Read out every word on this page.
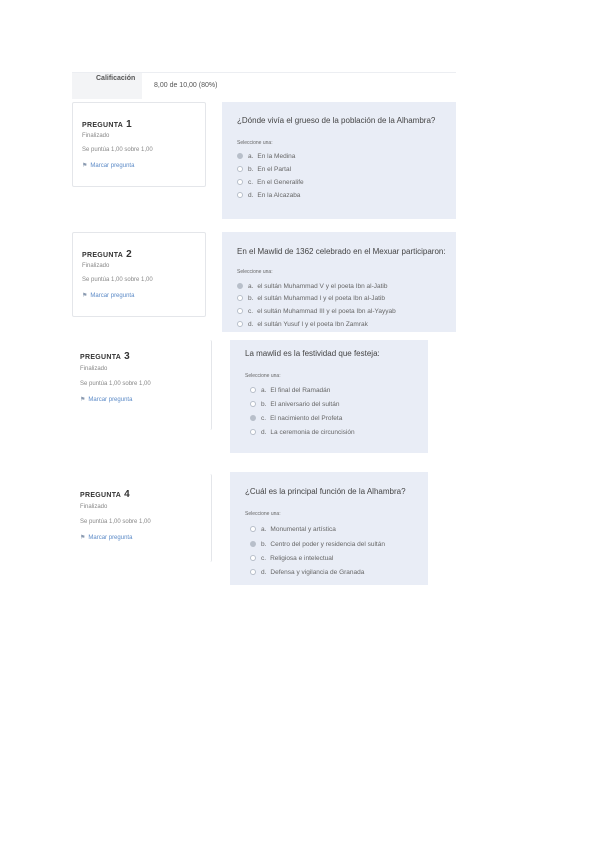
Calificación
8,00 de 10,00 (80%)
PREGUNTA 1
Finalizado
Se puntúa 1,00 sobre 1,00
⚑ Marcar pregunta
¿Dónde vivía el grueso de la población de la Alhambra?
Seleccione una:
a. En la Medina
b. En el Partal
c. En el Generalife
d. En la Alcazaba
PREGUNTA 2
Finalizado
Se puntúa 1,00 sobre 1,00
⚑ Marcar pregunta
En el Mawlid de 1362 celebrado en el Mexuar participaron:
Seleccione una:
a. el sultán Muhammad V y el poeta Ibn al-Jatib
b. el sultán Muhammad I y el poeta Ibn al-Jatib
c. el sultán Muhammad III y el poeta Ibn al-Yayyab
d. el sultán Yusuf I y el poeta Ibn Zamrak
PREGUNTA 3
Finalizado
Se puntúa 1,00 sobre 1,00
⚑ Marcar pregunta
La mawlid es la festividad que festeja:
Seleccione una:
a. El final del Ramadán
b. El aniversario del sultán
c. El nacimiento del Profeta
d. La ceremonia de circuncisión
PREGUNTA 4
Finalizado
Se puntúa 1,00 sobre 1,00
⚑ Marcar pregunta
¿Cuál es la principal función de la Alhambra?
Seleccione una:
a. Monumental y artística
b. Centro del poder y residencia del sultán
c. Religiosa e intelectual
d. Defensa y vigilancia de Granada
